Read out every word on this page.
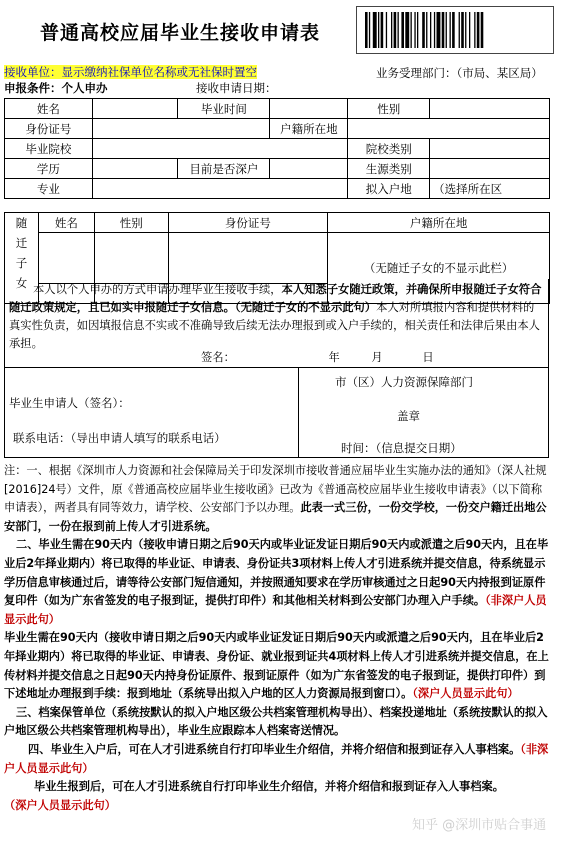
普通高校应届毕业生接收申请表
接收单位：显示缴纳社保单位名称或无社保时置空	业务受理部门：（市局、某区局）
申报条件：个人申办	接收申请日期：
姓名		毕业时间		性别	
身份证号			户籍所在地		
毕业院校				院校类别	
学历		目前是否深户		生源类别	
专业				拟入户地	（选择所在区
随迁子女	姓名	性别	身份证号	户籍所在地
				（无随迁子女的不显示此栏）

本人以个人申办的方式申请办理毕业生接收手续，本人知悉子女随迁政策，并确保所申报随迁子女符合随迁政策规定，且已如实申报随迁子女信息。（无随迁子女的不显示此句）本人对所填报内容和提供材料的真实性负责，如因填报信息不实或不准确导致后续无法办理报到或入户手续的，相关责任和法律后果由本人承担。
签名：	年	月	日
毕业生申请人（签名）：
联系电话：（导出申请人填写的联系电话）
市（区）人力资源保障部门
盖章
时间：（信息提交日期）

注：一、根据《深圳市人力资源和社会保障局关于印发深圳市接收普通应届毕业生实施办法的通知》（深人社规[2016]24号）文件，原《普通高校应届毕业生接收函》已改为《普通高校应届毕业生接收申请表》（以下简称申请表），两者具有同等效力，请学校、公安部门予以办理。此表一式三份，一份交学校，一份交户籍迁出地公安部门，一份在报到前上传人才引进系统。

二、毕业生需在90天内（接收申请日期之后90天内或毕业证发证日期后90天内或派遣之后90天内，且在毕业后2年择业期内）将已取得的毕业证、申请表、身份证共3项材料上传人才引进系统并提交信息，待系统显示学历信息审核通过后，请等待公安部门短信通知，并按照通知要求在学历审核通过之日起90天内持报到证原件复印件（如为广东省签发的电子报到证，提供打印件）和其他相关材料到公安部门办理入户手续。（非深户人员显示此句）

毕业生需在90天内（接收申请日期之后90天内或毕业证发证日期后90天内或派遣之后90天内，且在毕业后2年择业期内）将已取得的毕业证、申请表、身份证、就业报到证共4项材料上传人才引进系统并提交信息，在上传材料并提交信息之日起90天内持身份证原件、报到证原件（如为广东省签发的电子报到证，提供打印件）到下述地址办理报到手续：报到地址（系统导出拟入户地的区人力资源局报到窗口）。（深户人员显示此句）

三、档案保管单位（系统按默认的拟入户地区级公共档案管理机构导出）、档案投递地址（系统按默认的拟入户地区级公共档案管理机构导出），毕业生应跟踪本人档案寄送情况。

四、毕业生入户后，可在人才引进系统自行打印毕业生介绍信，并将介绍信和报到证存入人事档案。（非深户人员显示此句）

毕业生报到后，可在人才引进系统自行打印毕业生介绍信，并将介绍信和报到证存入人事档案。
（深户人员显示此句）

知乎 @深圳市贴合事通
